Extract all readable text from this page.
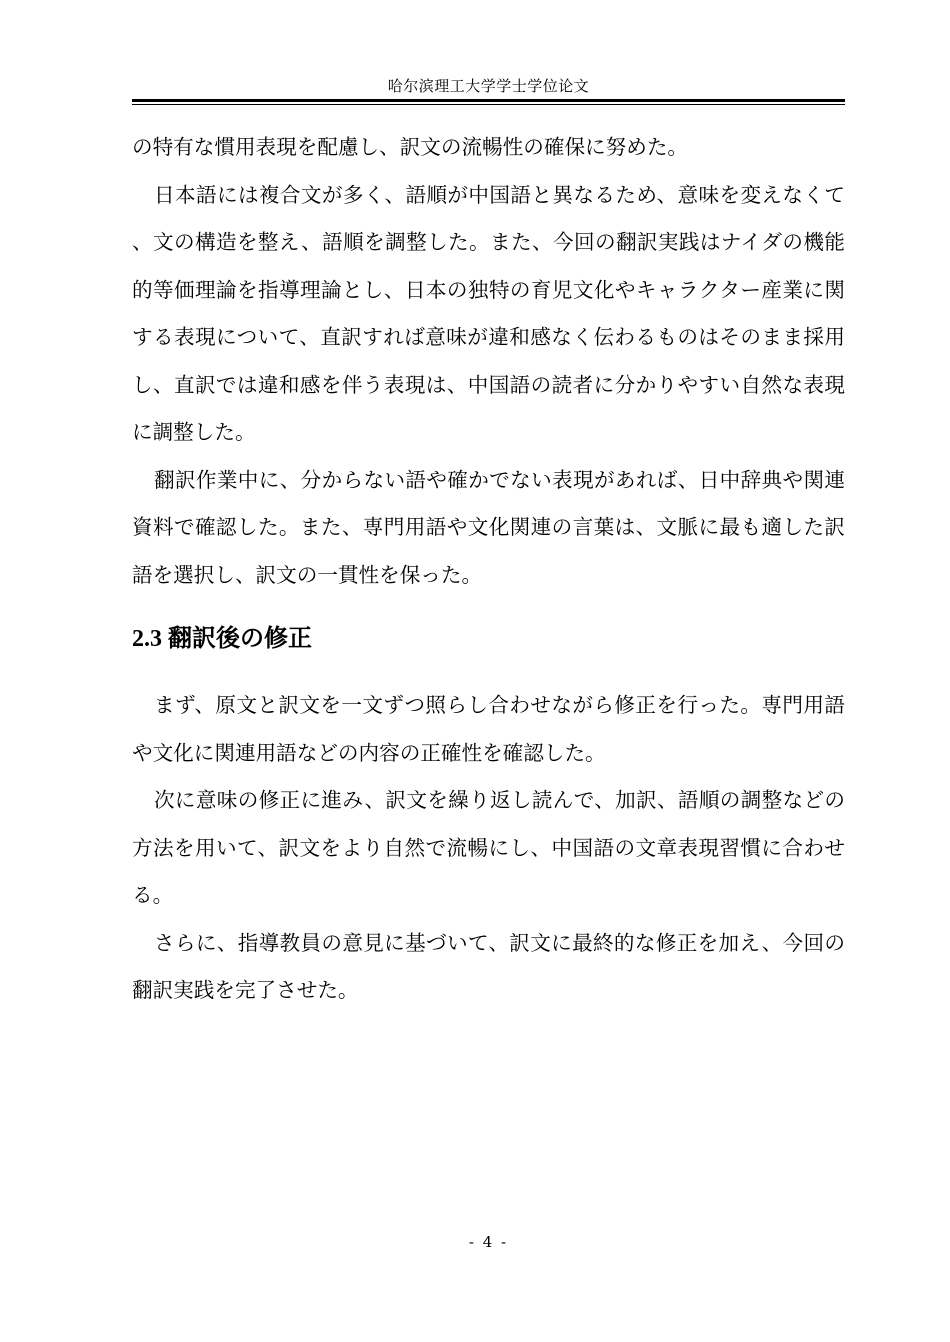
哈尔滨理工大学学士学位论文

の特有な慣用表現を配慮し、訳文の流暢性の確保に努めた。

日本語には複合文が多く、語順が中国語と異なるため、意味を変えなくて、文の構造を整え、語順を調整した。また、今回の翻訳実践はナイダの機能的等価理論を指導理論とし、日本の独特の育児文化やキャラクター産業に関する表現について、直訳すれば意味が違和感なく伝わるものはそのまま採用し、直訳では違和感を伴う表現は、中国語の読者に分かりやすい自然な表現に調整した。

翻訳作業中に、分からない語や確かでない表現があれば、日中辞典や関連資料で確認した。また、専門用語や文化関連の言葉は、文脈に最も適した訳語を選択し、訳文の一貫性を保った。

2.3 翻訳後の修正

まず、原文と訳文を一文ずつ照らし合わせながら修正を行った。専門用語や文化に関連用語などの内容の正確性を確認した。

次に意味の修正に進み、訳文を繰り返し読んで、加訳、語順の調整などの方法を用いて、訳文をより自然で流暢にし、中国語の文章表現習慣に合わせる。

さらに、指導教員の意見に基づいて、訳文に最終的な修正を加え、今回の翻訳実践を完了させた。

- 4 -
